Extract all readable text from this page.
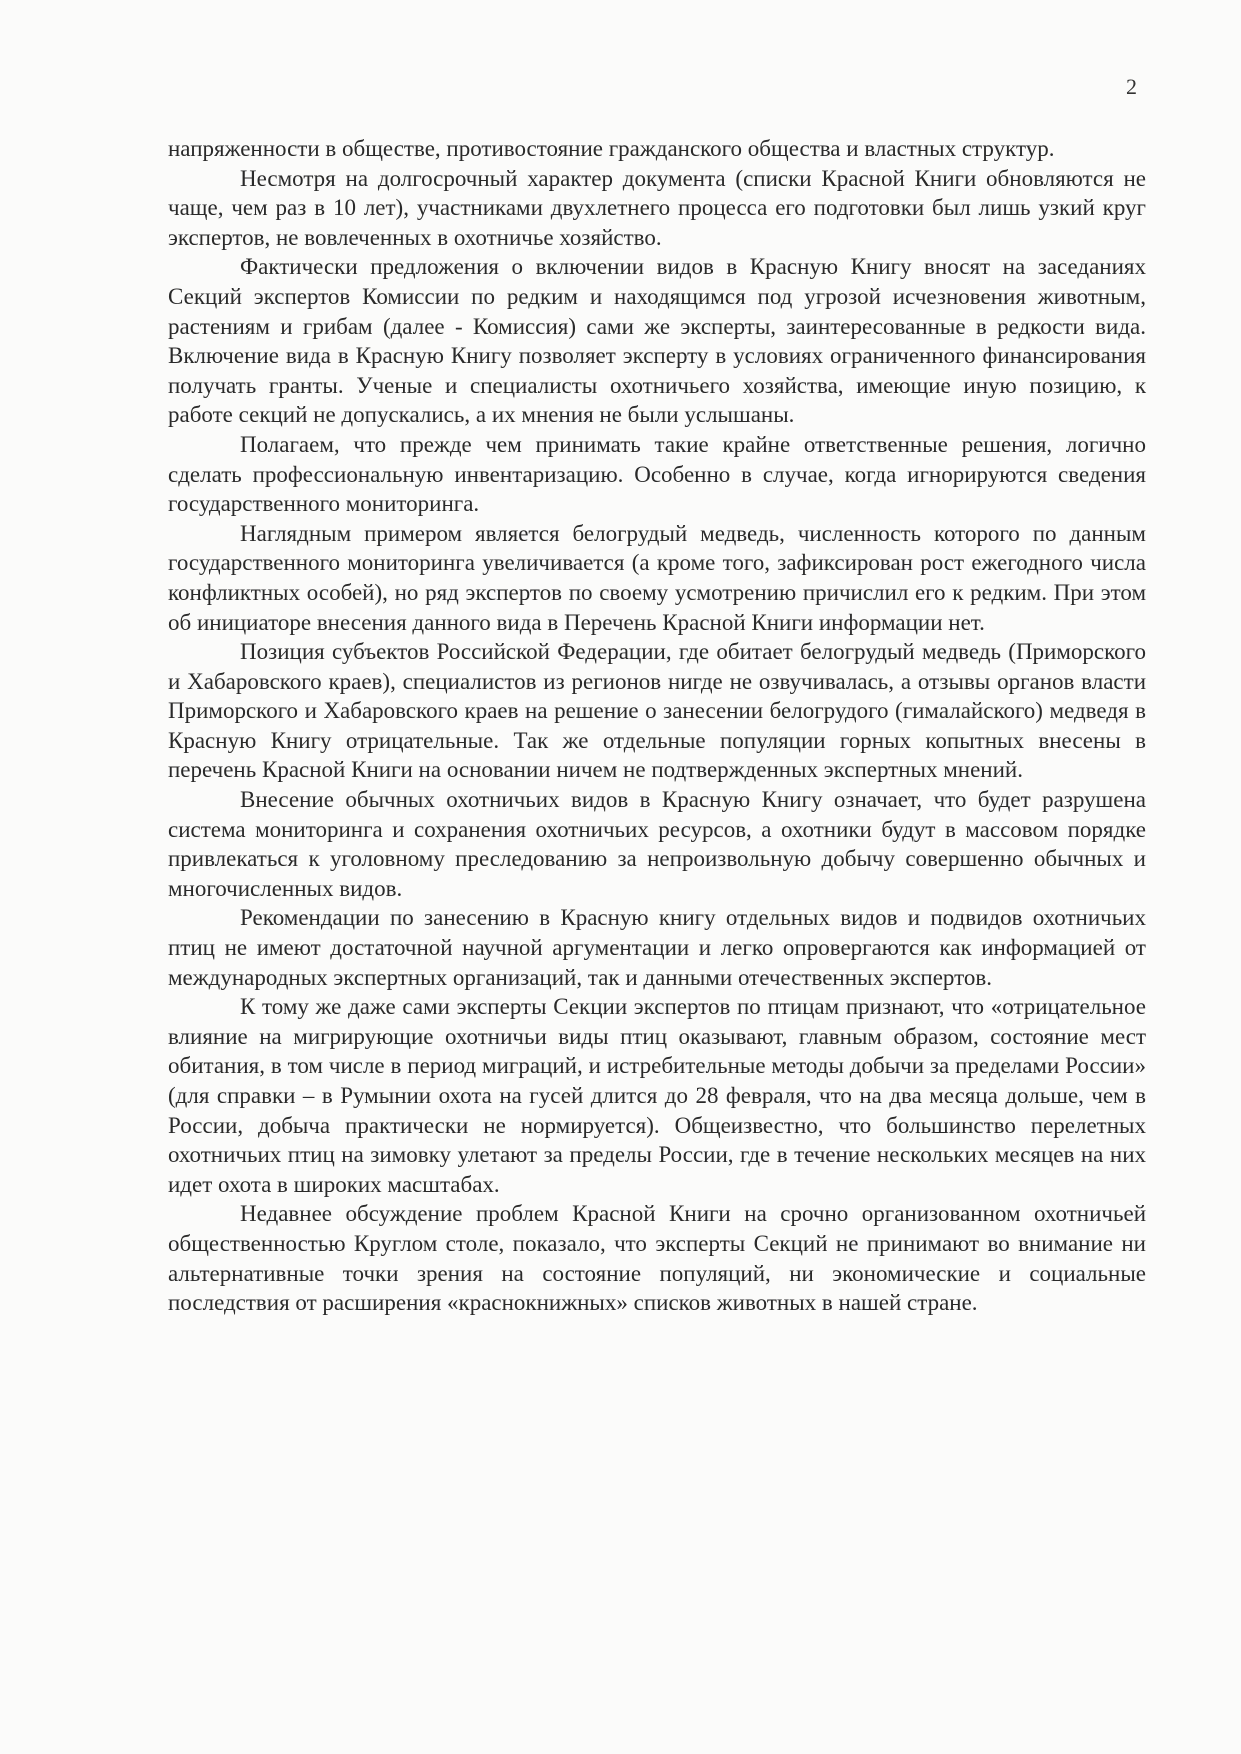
2

напряженности в обществе, противостояние гражданского общества и властных структур.

Несмотря на долгосрочный характер документа (списки Красной Книги обновляются не чаще, чем раз в 10 лет), участниками двухлетнего процесса его подготовки был лишь узкий круг экспертов, не вовлеченных в охотничье хозяйство.

Фактически предложения о включении видов в Красную Книгу вносят на заседаниях Секций экспертов Комиссии по редким и находящимся под угрозой исчезновения животным, растениям и грибам (далее - Комиссия) сами же эксперты, заинтересованные в редкости вида. Включение вида в Красную Книгу позволяет эксперту в условиях ограниченного финансирования получать гранты. Ученые и специалисты охотничьего хозяйства, имеющие иную позицию, к работе секций не допускались, а их мнения не были услышаны.

Полагаем, что прежде чем принимать такие крайне ответственные решения, логично сделать профессиональную инвентаризацию. Особенно в случае, когда игнорируются сведения государственного мониторинга.

Наглядным примером является белогрудый медведь, численность которого по данным государственного мониторинга увеличивается (а кроме того, зафиксирован рост ежегодного числа конфликтных особей), но ряд экспертов по своему усмотрению причислил его к редким. При этом об инициаторе внесения данного вида в Перечень Красной Книги информации нет.

Позиция субъектов Российской Федерации, где обитает белогрудый медведь (Приморского и Хабаровского краев), специалистов из регионов нигде не озвучивалась, а отзывы органов власти Приморского и Хабаровского краев на решение о занесении белогрудого (гималайского) медведя в Красную Книгу отрицательные. Так же отдельные популяции горных копытных внесены в перечень Красной Книги на основании ничем не подтвержденных экспертных мнений.

Внесение обычных охотничьих видов в Красную Книгу означает, что будет разрушена система мониторинга и сохранения охотничьих ресурсов, а охотники будут в массовом порядке привлекаться к уголовному преследованию за непроизвольную добычу совершенно обычных и многочисленных видов.

Рекомендации по занесению в Красную книгу отдельных видов и подвидов охотничьих птиц не имеют достаточной научной аргументации и легко опровергаются как информацией от международных экспертных организаций, так и данными отечественных экспертов.

К тому же даже сами эксперты Секции экспертов по птицам признают, что «отрицательное влияние на мигрирующие охотничьи виды птиц оказывают, главным образом, состояние мест обитания, в том числе в период миграций, и истребительные методы добычи за пределами России» (для справки – в Румынии охота на гусей длится до 28 февраля, что на два месяца дольше, чем в России, добыча практически не нормируется). Общеизвестно, что большинство перелетных охотничьих птиц на зимовку улетают за пределы России, где в течение нескольких месяцев на них идет охота в широких масштабах.

Недавнее обсуждение проблем Красной Книги на срочно организованном охотничьей общественностью Круглом столе, показало, что эксперты Секций не принимают во внимание ни альтернативные точки зрения на состояние популяций, ни экономические и социальные последствия от расширения «краснокнижных» списков животных в нашей стране.
